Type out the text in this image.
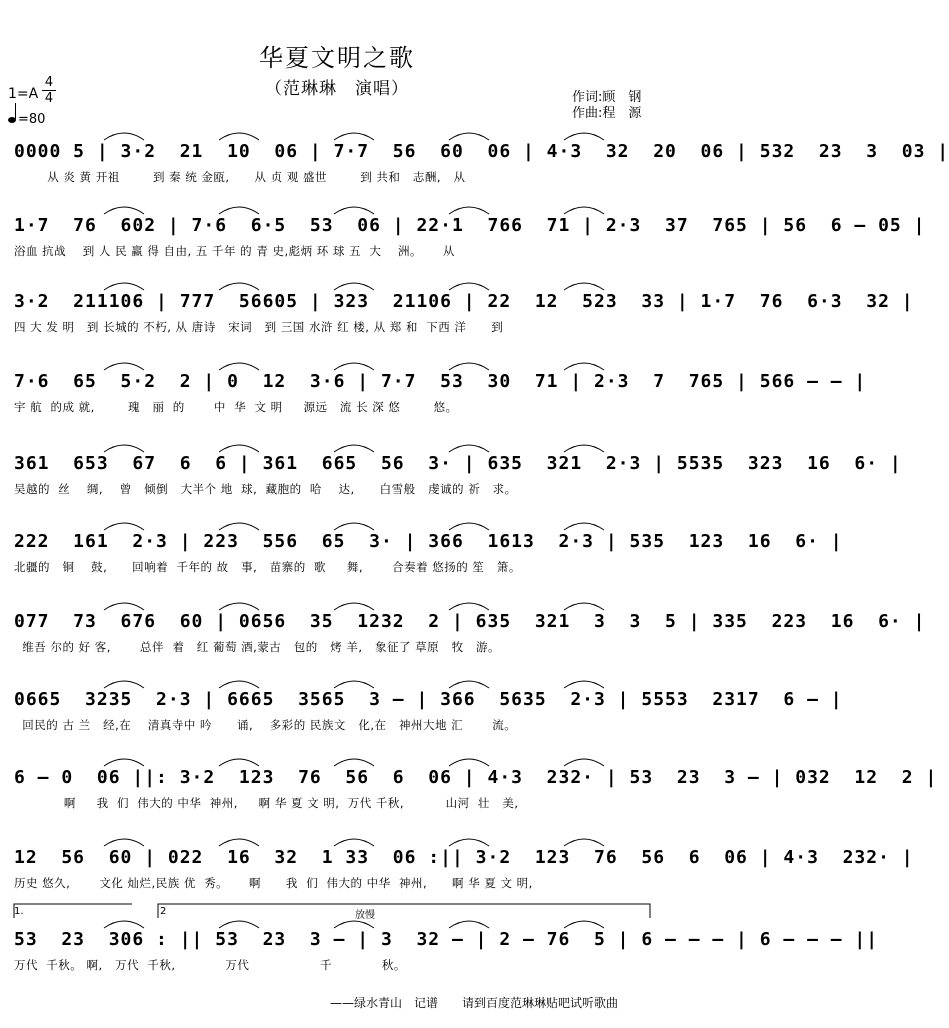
华夏文明之歌
（范琳琳　演唱）	作词:顾　钢
作曲:程　源
1=A
4
4
=80
0000 5 | 3·2  21  10  06 | 7·7  56  60  06 | 4·3  32  20  06 | 532  23  3  03 |
从 炎 黄 开祖        到 秦 统 金瓯,      从 贞 观 盛世        到 共和   志酬,   从
1·7  76  602 | 7·6  6·5  53  06 | 22·1  766  71 | 2·3  37  765 | 56  6 — 05 |
浴血 抗战    到 人 民 赢 得 自由, 五 千年 的 青 史,彪炳 环 球 五  大    洲。     从
3·2  211106 | 777  56605 | 323  21106 | 22  12  523  33 | 1·7  76  6·3  32 |
四 大 发 明   到 长城的 不朽, 从 唐诗   宋词   到 三国 水浒 红 楼, 从 郑 和  下西 洋      到
7·6  65  5·2  2 | 0  12  3·6 | 7·7  53  30  71 | 2·3  7  765 | 566 — — |
宇 航  的成 就,        瑰   丽  的       中  华  文 明     源远   流 长 深 悠        悠。
361  653  67  6  6 | 361  665  56  3· | 635  321  2·3 | 5535  323  16  6· |
吴越的  丝    绸,    曾   倾倒   大半个 地  球,  藏胞的  哈    达,      白雪般   虔诚的 祈   求。
222  161  2·3 | 223  556  65  3· | 366  1613  2·3 | 535  123  16  6· |
北疆的   铜    鼓,      回响着  千年的 故   事,   苗寨的  歌     舞,       合奏着 悠扬的 笙   箫。
077  73  676  60 | 0656  35  1232  2 | 635  321  3  3  5 | 335  223  16  6· |
维吾 尔的 好 客,       总伴  着   红 葡萄 酒,蒙古   包的   烤 羊,   象征了 草原   牧   游。
0665  3235  2·3 | 6665  3565  3 — | 366  5635  2·3 | 5553  2317  6 — |
回民的 古 兰   经,在    清真寺中 吟      诵,    多彩的 民族文   化,在   神州大地 汇       流。
6 — 0  06 ||: 3·2  123  76  56  6  06 | 4·3  232· | 53  23  3 — | 032  12  2 |
啊     我  们  伟大的 中华  神州,     啊 华 夏 文 明,  万代 千秋,          山河  壮   美,
12  56  60 | 022  16  32  1 33  06 :|| 3·2  123  76  56  6  06 | 4·3  232· |
历史 悠久,       文化 灿烂,民族 优  秀。     啊      我  们  伟大的 中华  神州,      啊 华 夏 文 明,
53  23  306 : || 53  23  3 — | 3  32 — | 2 — 76  5 | 6 — — — | 6 — — — ||
万代  千秋。 啊,   万代  千秋,            万代                 千            秋。
1.	2	放慢
——绿水青山　记谱　　请到百度范琳琳贴吧试听歌曲
